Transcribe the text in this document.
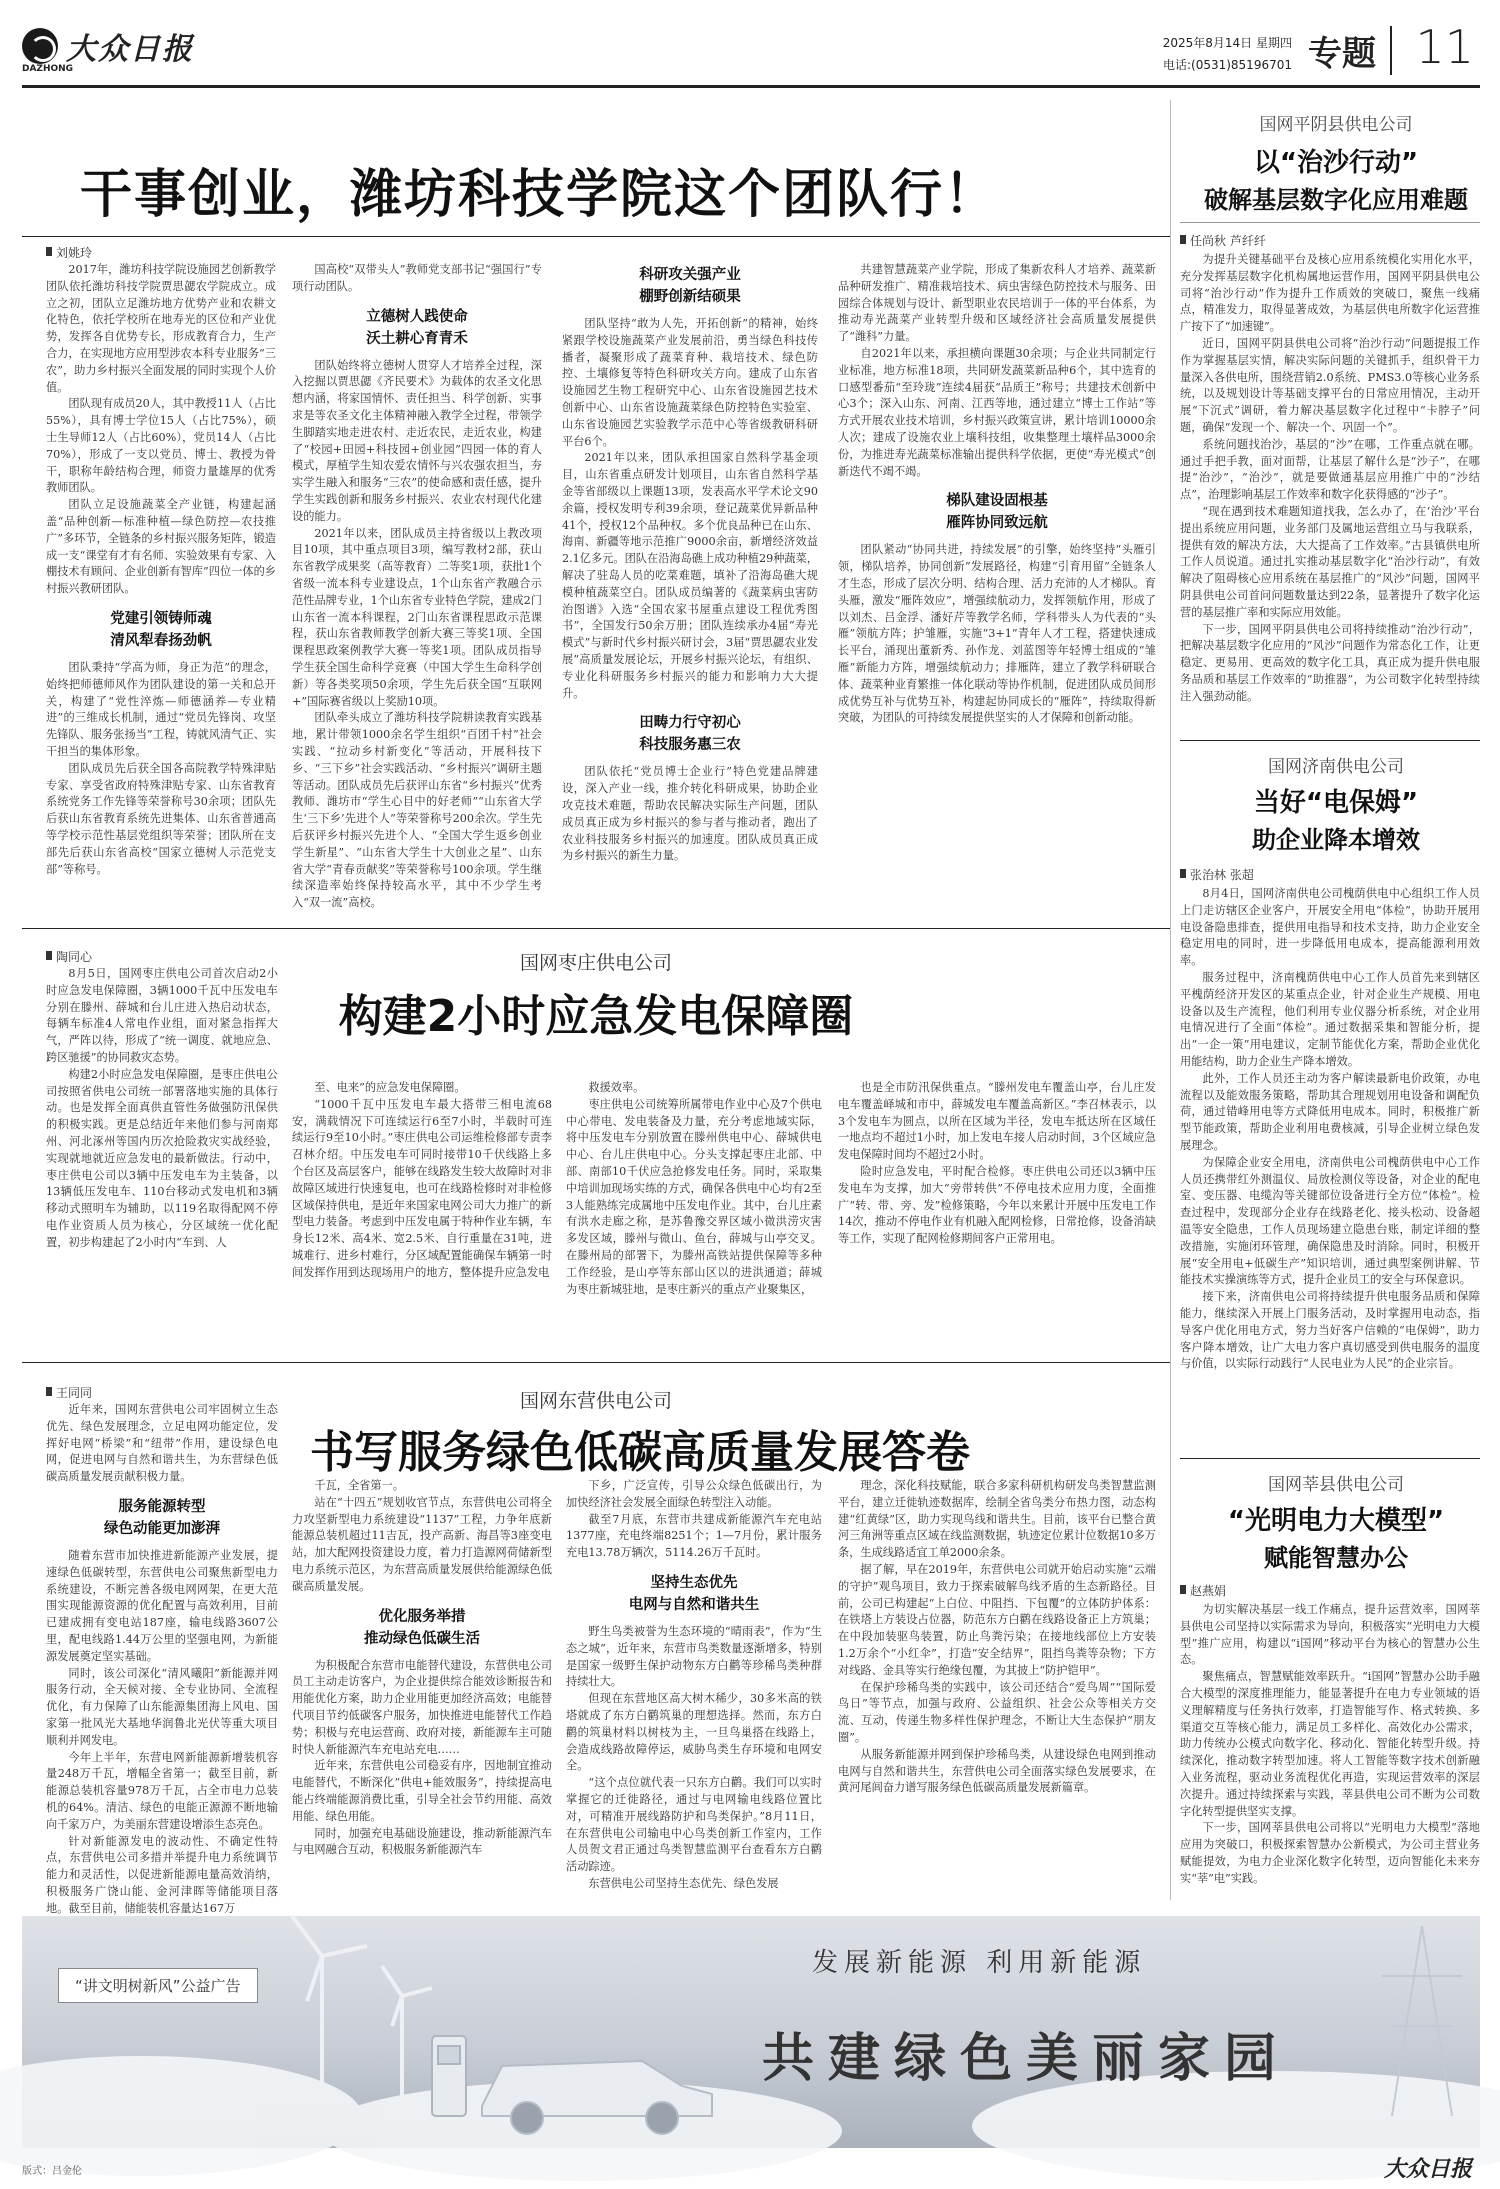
大众日报
DAZHONG
2025年8月14日 星期四
电话:(0531)85196701 专题 11
干事创业，潍坊科技学院这个团队行！
刘姚玲

2017年，潍坊科技学院设施园艺创新教学团队依托潍坊科技学院贾思勰农学院成立。成立之初，团队立足潍坊地方优势产业和农耕文化特色，依托学校所在地寿光的区位和产业优势，发挥各自优势专长，形成教育合力，生产合力，在实现地方应用型涉农本科专业服务“三农”，助力乡村振兴全面发展的同时实现个人价值。

团队现有成员20人，其中教授11人（占比55%），具有博士学位15人（占比75%），硕士生导师12人（占比60%），党员14人（占比70%），形成了一支以党员、博士、教授为骨干，职称年龄结构合理，师资力量雄厚的优秀教师团队。

团队立足设施蔬菜全产业链，构建起涵盖“品种创新—标准种植—绿色防控—农技推广”多环节，全链条的乡村振兴服务矩阵，锻造成一支“课堂有才有名师、实验效果有专家、入棚技术有顾问、企业创新有智库”四位一体的乡村振兴教研团队。

党建引领铸师魂
清风犁春扬劲帆

团队秉持“学高为师，身正为范”的理念，始终把师德师风作为团队建设的第一关和总开关，构建了“党性淬炼—师德涵养—专业精进”的三维成长机制，通过“党员先锋岗、攻坚先锋队、服务张扬当”工程，铸就风清气正、实干担当的集体形象。

团队成员先后获全国各高院教学特殊津贴专家、享受省政府特殊津贴专家、山东省教育系统党务工作先锋等荣誉称号30余项；团队先后获山东省教育系统先进集体、山东省普通高等学校示范性基层党组织等荣誉；团队所在支部先后获山东省高校“国家立德树人示范党支部”等称号。

国高校“双带头人”教师党支部书记“强国行”专项行动团队。

立德树人践使命
沃土耕心育青禾

团队始终将立德树人贯穿人才培养全过程，深入挖掘以贾思勰《齐民要术》为载体的农圣文化思想内涵，将家国情怀、责任担当、科学创新、实事求是等农圣文化主体精神融入教学全过程，带领学生脚踏实地走进农村、走近农民，走近农业，构建了“校园+田园+科技园+创业园”四园一体的育人模式，厚植学生知农爱农情怀与兴农强农担当，夯实学生融入和服务“三农”的使命感和责任感，提升学生实践创新和服务乡村振兴、农业农村现代化建设的能力。

2021年以来，团队成员主持省级以上教改项目10项，其中重点项目3项，编写教材2部，获山东省教学成果奖（高等教育）二等奖1项，获批1个省级一流本科专业建设点，1个山东省产教融合示范性品牌专业，1个山东省专业特色学院，建成2门山东省一流本科课程，2门山东省课程思政示范课程，获山东省教师教学创新大赛三等奖1项、全国课程思政案例教学大赛一等奖1项。团队成员指导学生获全国生命科学竞赛（中国大学生生命科学创新）等各类奖项50余项，学生先后获全国“互联网+”国际赛省级以上奖励10项。

团队牵头成立了潍坊科技学院耕读教育实践基地，累计带领1000余名学生组织“百团千村”社会实践、“拉动乡村新变化”等活动，开展科技下乡、“三下乡”社会实践活动、“乡村振兴”调研主题等活动。团队成员先后获评山东省“乡村振兴”优秀教师、潍坊市“学生心目中的好老师”“山东省大学生‘三下乡’先进个人”等荣誉称号200余次。学生先后获评乡村振兴先进个人、“全国大学生返乡创业学生新星”、“山东省大学生十大创业之星”、山东省大学“青春贡献奖”等荣誉称号100余项。学生继续深造率始终保持较高水平，其中不少学生考入“双一流”高校。

科研攻关强产业
棚野创新结硕果

团队坚持“敢为人先，开拓创新”的精神，始终紧跟学校设施蔬菜产业发展前沿，勇当绿色科技传播者，凝聚形成了蔬菜育种、栽培技术、绿色防控、土壤修复等特色科研攻关方向。建成了山东省设施园艺生物工程研究中心、山东省设施园艺技术创新中心、山东省设施蔬菜绿色防控特色实验室、山东省设施园艺实验教学示范中心等省级教研科研平台6个。

2021年以来，团队承担国家自然科学基金项目，山东省重点研发计划项目，山东省自然科学基金等省部级以上课题13项，发表高水平学术论文90余篇，授权发明专利39余项，登记蔬菜优异新品种41个，授权12个品种权。多个优良品种已在山东、海南、新疆等地示范推广9000余亩，新增经济效益2.1亿多元。团队在沿海岛礁上成功种植29种蔬菜，解决了驻岛人员的吃菜难题，填补了沿海岛礁大规模种植蔬菜空白。团队成员编著的《蔬菜病虫害防治图谱》入选“全国农家书屋重点建设工程优秀图书”，全国发行50余万册；团队连续承办4届“寿光模式”与新时代乡村振兴研讨会，3届“贾思勰农业发展”高质量发展论坛，开展乡村振兴论坛，有组织、专业化科研服务乡村振兴的能力和影响力大大提升。

田畴力行守初心
科技服务惠三农

团队依托“党员博士企业行”特色党建品牌建设，深入产业一线，推介转化科研成果，协助企业攻克技术难题，帮助农民解决实际生产问题，团队成员真正成为乡村振兴的参与者与推动者，跑出了农业科技服务乡村振兴的加速度。团队成员真正成为乡村振兴的新生力量。

共建智慧蔬菜产业学院，形成了集新农科人才培养、蔬菜新品种研发推广、精准栽培技术、病虫害绿色防控技术与服务、田园综合体规划与设计、新型职业农民培训于一体的平台体系，为推动寿光蔬菜产业转型升级和区域经济社会高质量发展提供了“潍科”力量。

自2021年以来，承担横向课题30余项；与企业共同制定行业标准，地方标准18项，共同研发蔬菜新品种6个，其中选育的口感型番茄“至玲珑”连续4届获“品质王”称号；共建技术创新中心3个；深入山东、河南、江西等地，通过建立“博士工作站”等方式开展农业技术培训，乡村振兴政策宣讲，累计培训10000余人次；建成了设施农业上壤科技组，收集整理土壤样品3000余份，为推进寿光蔬菜标准输出提供科学依据，更使“寿光模式”创新迭代不竭不竭。

梯队建设固根基
雁阵协同致远航

团队紧动“协同共进，持续发展”的引擎，始终坚持“头雁引领，梯队培养，协同创新”发展路径，构建“引育用留”全链条人才生态，形成了层次分明、结构合理、活力充沛的人才梯队。育头雁，激发“雁阵效应”，增强续航动力，发挥领航作用，形成了以刘杰、吕金浮、潘好芹等教学名师，学科带头人为代表的“头雁”领航方阵；护雏雁，实施“3+1”青年人才工程，搭建快速成长平台，涌现出董新秀、孙作龙、刘蓝图等年轻博士组成的“雏雁”新能力方阵，增强续航动力；排雁阵，建立了教学科研联合体、蔬菜种业育繁推一体化联动等协作机制，促进团队成员间形成优势互补与优势互补，构建起协同成长的“雁阵”，持续取得新突破，为团队的可持续发展提供坚实的人才保障和创新动能。

国网枣庄供电公司
构建2小时应急发电保障圈
陶同心

8月5日，国网枣庄供电公司首次启动2小时应急发电保障圈，3辆1000千瓦中压发电车分别在滕州、薛城和台儿庄进入热启动状态，每辆车标准4人常电作业组，面对紧急指挥大气，严阵以待，形成了“统一调度、就地应急、跨区驰援”的协同救灾态势。

构建2小时应急发电保障圈，是枣庄供电公司按照省供电公司统一部署落地实施的具体行动。也是发挥全面真供直管性务做强防汛保供的积极实践。更是总结近年来他们参与河南郑州、河北涿州等国内历次抢险救灾实战经验，实现就地就近应急发电的最新做法。行动中，枣庄供电公司以3辆中压发电车为主装备，以13辆低压发电车、110台移动式发电机和3辆移动式照明车为辅助，以119名取得配网不停电作业资质人员为核心，分区域统一优化配置，初步构建起了2小时内“车到、人

至、电来”的应急发电保障圈。

“1000千瓦中压发电车最大搭带三相电流68安，满载情况下可连续运行6至7小时，半载时可连续运行9至10小时。”枣庄供电公司运维检修部专责李召林介绍。中压发电车可同时接带10千伏线路上多个台区及高层客户，能够在线路发生较大故障时对非故障区域进行快速复电，也可在线路检修时对非检修区域保持供电，是近年来国家电网公司大力推广的新型电力装备。考虑到中压发电属于特种作业车辆，车身长12米、高4米、宽2.5米、自行重量在31吨，进城难行、进乡村难行，分区域配置能确保车辆第一时间发挥作用到达现场用户的地方，整体提升应急发电

救援效率。

枣庄供电公司统筹所属带电作业中心及7个供电中心带电、发电装备及力量，充分考虑地域实际，将中压发电车分别放置在滕州供电中心、薛城供电中心、台儿庄供电中心。分头支撑起枣庄北部、中部、南部10千伏应急抢修发电任务。同时，采取集中培训加现场实练的方式，确保各供电中心均有2至3人能熟练完成属地中压发电作业。其中，台儿庄素有洪水走廊之称，是苏鲁豫交界区域小微洪涝灾害多发区域，滕州与微山、鱼台，薛城与山亭交叉。在滕州局的部署下，为滕州高铁站提供保障等多种工作经验，是山亭等东部山区以的进洪通道；薛城为枣庄新城驻地，是枣庄新兴的重点产业聚集区，

也是全市防汛保供重点。“滕州发电车覆盖山亭，台儿庄发电车覆盖峄城和市中，薛城发电车覆盖高新区。”李召林表示，以3个发电车为圆点，以所在区域为半径，发电车抵达所在区域任一地点均不超过1小时，加上发电车接人启动时间，3个区域应急发电保障时间均不超过2小时。

险时应急发电，平时配合检修。枣庄供电公司还以3辆中压发电车为支撑，加大“旁带转供”不停电技术应用力度，全面推广“转、带、旁、发”检修策略，今年以来累计开展中压发电工作14次，推动不停电作业有机融入配网检修，日常抢修，设备消缺等工作，实现了配网检修期间客户正常用电。

国网东营供电公司
书写服务绿色低碳高质量发展答卷
王同同

近年来，国网东营供电公司牢固树立生态优先、绿色发展理念，立足电网功能定位，发挥好电网“桥梁”和“纽带”作用，建设绿色电网，促进电网与自然和谐共生，为东营绿色低碳高质量发展贡献积极力量。

服务能源转型
绿色动能更加澎湃

随着东营市加快推进新能源产业发展，提速绿色低碳转型，东营供电公司聚焦新型电力系统建设，不断完善各级电网网架，在更大范围实现能源资源的优化配置与高效利用，目前已建成拥有变电站187座，输电线路3607公里，配电线路1.44万公里的坚强电网，为新能源发展奠定坚实基础。

同时，该公司深化“清风曦阳”新能源并网服务行动，全天候对接、全专业协同、全流程优化，有力保障了山东能源集团海上风电、国家第一批风光大基地华润鲁北光伏等重大项目顺利并网发电。

今年上半年，东营电网新能源新增装机容量248万千瓦，增幅全省第一；截至目前，新能源总装机容量978万千瓦，占全市电力总装机的64%。清洁、绿色的电能正源源不断地输向千家万户，为美丽东营建设增添生态亮色。

针对新能源发电的波动性、不确定性特点，东营供电公司多措并举提升电力系统调节能力和灵活性，以促进新能源电量高效消纳，积极服务广饶山能、金河津晖等储能项目落地。截至目前，储能装机容量达167万

千瓦，全省第一。

站在“十四五”规划收官节点，东营供电公司将全力攻坚新型电力系统建设“1137”工程，力争年底新能源总装机超过11吉瓦，投产高新、海昌等3座变电站，加大配网投资建设力度，着力打造源网荷储新型电力系统示范区，为东营高质量发展供给能源绿色低碳高质量发展。

优化服务举措
推动绿色低碳生活

为积极配合东营市电能替代建设，东营供电公司员工主动走访客户，为企业提供综合能效诊断报告和用能优化方案，助力企业用能更加经济高效；电能替代项目节约低碳客户服务，加快推进电能替代工作趋势；积极与充电运营商、政府对接，新能源车主可随时快人新能源汽车充电站充电……

近年来，东营供电公司稳妥有序，因地制宜推动电能替代，不断深化“供电+能效服务”，持续提高电能占终端能源消费比重，引导全社会节约用能、高效用能、绿色用能。

同时，加强充电基础设施建设，推动新能源汽车与电网融合互动，积极服务新能源汽车

下乡，广泛宣传，引导公众绿色低碳出行，为加快经济社会发展全面绿色转型注入动能。

截至7月底，东营市共建成新能源汽车充电站1377座，充电终端8251个；1—7月份，累计服务充电13.78万辆次，5114.26万千瓦时。

坚持生态优先
电网与自然和谐共生

野生鸟类被誉为生态环境的“晴雨表”，作为“生态之城”，近年来，东营市鸟类数量逐渐增多，特别是国家一级野生保护动物东方白鹳等珍稀鸟类种群持续壮大。

但现在东营地区高大树木稀少，30多米高的铁塔就成了东方白鹳筑巢的理想选择。然而，东方白鹳的筑巢材料以树枝为主，一旦鸟巢搭在线路上，会造成线路故障停运，威胁鸟类生存环境和电网安全。

“这个点位就代表一只东方白鹳。我们可以实时掌握它的迁徙路径，通过与电网输电线路位置比对，可精准开展线路防护和鸟类保护。”8月11日，在东营供电公司输电中心鸟类创新工作室内，工作人员贺文君正通过鸟类智慧监测平台查看东方白鹳活动踪迹。

东营供电公司坚持生态优先、绿色发展

理念，深化科技赋能，联合多家科研机构研发鸟类智慧监测平台，建立迁徙轨迹数据库，绘制全省鸟类分布热力图，动态构建“红黄绿”区，助力实现鸟线和谐共生。目前，该平台已整合黄河三角洲等重点区域在线监测数据，轨迹定位累计位数据10多万条，生成线路适宜工单2000余条。

据了解，早在2019年，东营供电公司就开始启动实施“云端的守护”观鸟项目，致力于探索破解鸟线矛盾的生态新路径。目前，公司已构建起“上白位、中阻挡、下包覆”的立体防护体系：在铁塔上方装设占位器，防范东方白鹳在线路设备正上方筑巢；在中段加装驱鸟装置，防止鸟粪污染；在接地线部位上方安装1.2万余个“小红伞”，打造“安全结界”，阻挡鸟粪等杂物；下方对线路、金具等实行绝缘包覆，为其披上“防护铠甲”。

在保护珍稀鸟类的实践中，该公司还结合“爱鸟周”“国际爱鸟日”等节点，加强与政府、公益组织、社会公众等相关方交流、互动，传递生物多样性保护理念，不断让大生态保护“朋友圈”。

从服务新能源并网到保护珍稀鸟类，从建设绿色电网到推动电网与自然和谐共生，东营供电公司全面落实绿色发展要求，在黄河尾闾奋力谱写服务绿色低碳高质量发展新篇章。

国网平阴县供电公司
以“治沙行动”
破解基层数字化应用难题
任尚秋 芦纤纤

为提升关键基础平台及核心应用系统模化实用化水平，充分发挥基层数字化机构属地运营作用，国网平阴县供电公司将“治沙行动”作为提升工作质效的突破口，聚焦一线痛点，精准发力，取得显著成效，为基层供电所数字化运营推广按下了“加速键”。

近日，国网平阴县供电公司将“治沙行动”问题提报工作作为掌握基层实情，解决实际问题的关键抓手，组织骨干力量深入各供电所，围绕营销2.0系统、PMS3.0等核心业务系统，以及规划设计等基础支撑平台的日常应用情况，主动开展“下沉式”调研，着力解决基层数字化过程中“卡脖子”问题，确保“发现一个、解决一个、巩固一个”。

系统问题找治沙，基层的“沙”在哪，工作重点就在哪。通过手把手教，面对面帮，让基层了解什么是“沙子”，在哪提“治沙”，“治沙”，就是要做通基层应用推广中的“沙结点”，治理影响基层工作效率和数字化获得感的“沙子”。

“现在遇到技术难题知道找我，怎么办了，在‘治沙’平台提出系统应用问题，业务部门及属地运营组立马与我联系，提供有效的解决方法，大大提高了工作效率。”古县镇供电所工作人员说道。通过扎实推动基层数字化“治沙行动”，有效解决了阻碍核心应用系统在基层推广的“风沙”问题，国网平阴县供电公司首问问题数量达到22条，显著提升了数字化运营的基层推广率和实际应用效能。

下一步，国网平阴县供电公司将持续推动“治沙行动”，把解决基层数字化应用的“风沙”问题作为常态化工作，让更稳定、更易用、更高效的数字化工具，真正成为提升供电服务品质和基层工作效率的“助推器”，为公司数字化转型持续注入强劲动能。

国网济南供电公司
当好“电保姆”
助企业降本增效
张治林 张超

8月4日，国网济南供电公司槐荫供电中心组织工作人员上门走访辖区企业客户，开展安全用电“体检”，协助开展用电设备隐患排查，提供用电指导和技术支持，助力企业安全稳定用电的同时，进一步降低用电成本，提高能源利用效率。

服务过程中，济南槐荫供电中心工作人员首先来到辖区平槐荫经济开发区的某重点企业，针对企业生产规模、用电设备以及生产流程，他们利用专业仪器分析系统，对企业用电情况进行了全面“体检”。通过数据采集和智能分析，提出“一企一策”用电建议，定制节能优化方案，帮助企业优化用能结构，助力企业生产降本增效。

此外，工作人员还主动为客户解读最新电价政策，办电流程以及能效服务策略，帮助其合理规划用电设备和调配负荷，通过错峰用电等方式降低用电成本。同时，积极推广新型节能政策，帮助企业利用电费核减，引导企业树立绿色发展理念。

为保障企业安全用电，济南供电公司槐荫供电中心工作人员还携带红外测温仪、局放检测仪等设备，对企业的配电室、变压器、电缆沟等关键部位设备进行全方位“体检”。检查过程中，发现部分企业存在线路老化、接头松动、设备超温等安全隐患，工作人员现场建立隐患台账，制定详细的整改措施，实施闭环管理，确保隐患及时消除。同时，积极开展“安全用电+低碳生产”知识培训，通过典型案例讲解、节能技术实操演练等方式，提升企业员工的安全与环保意识。

接下来，济南供电公司将持续提升供电服务品质和保障能力，继续深入开展上门服务活动，及时掌握用电动态，指导客户优化用电方式，努力当好客户信赖的“电保姆”，助力客户降本增效，让广大电力客户真切感受到供电服务的温度与价值，以实际行动践行“人民电业为人民”的企业宗旨。

国网莘县供电公司
“光明电力大模型”
赋能智慧办公
赵燕娟

为切实解决基层一线工作痛点，提升运营效率，国网莘县供电公司坚持以实际需求为导向，积极落实“光明电力大模型”推广应用，构建以“i国网”移动平台为核心的智慧办公生态。

聚焦痛点，智慧赋能效率跃升。“i国网”智慧办公助手融合大模型的深度推理能力，能显著提升在电力专业领域的语义理解精度与任务执行效率，打造智能写作、格式转换、多渠道交互等核心能力，满足员工多样化、高效化办公需求，助力传统办公模式向数字化、移动化、智能化转型升级。持续深化，推动数字转型加速。将人工智能等数字技术创新融入业务流程，驱动业务流程优化再造，实现运营效率的深层次提升。通过持续探索与实践，莘县供电公司不断为公司数字化转型提供坚实支撑。

下一步，国网莘县供电公司将以“光明电力大模型”落地应用为突破口，积极探索智慧办公新模式，为公司主营业务赋能提效，为电力企业深化数字化转型，迈向智能化未来夯实“莘”电”实践。

“讲文明树新风”公益广告
发展新能源 利用新能源
共建绿色美丽家园
版式：吕金伦	大众日报
